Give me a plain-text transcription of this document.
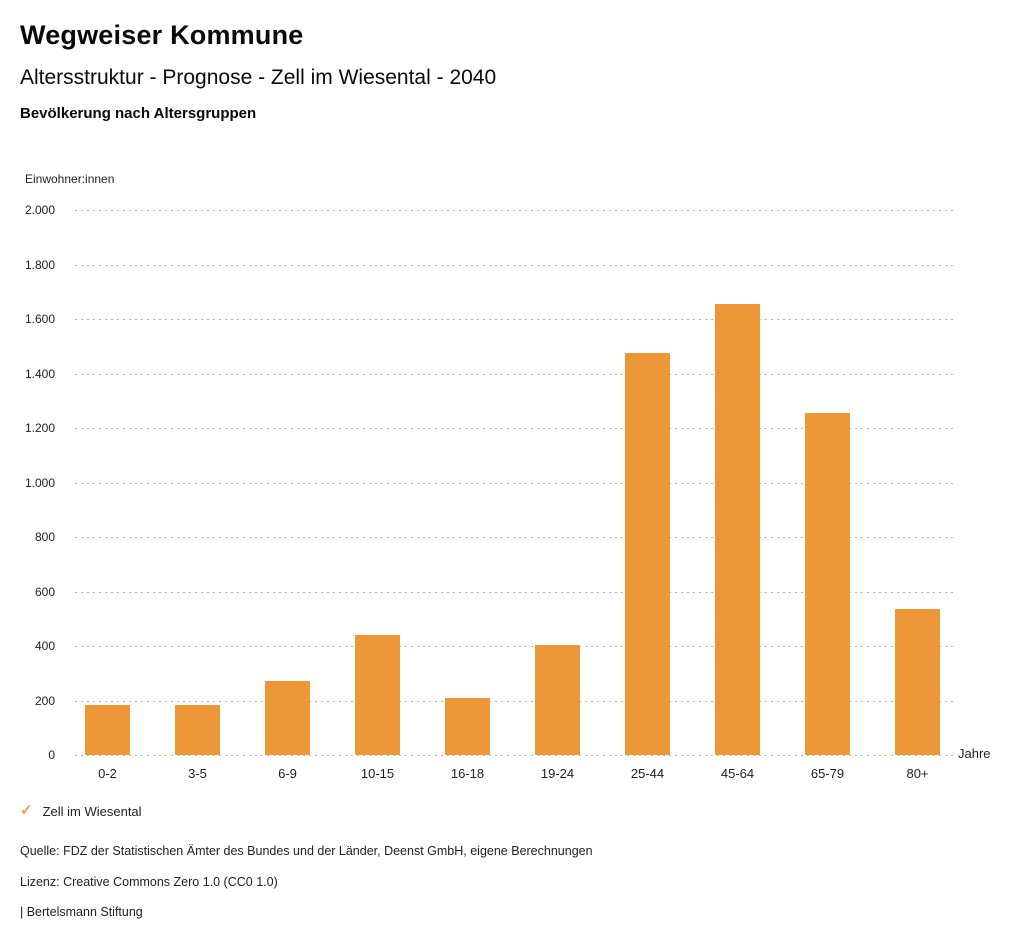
Wegweiser Kommune
Altersstruktur - Prognose - Zell im Wiesental - 2040
Bevölkerung nach Altersgruppen
Einwohner:innen
0
200
400
600
800
1.000
1.200
1.400
1.600
1.800
2.000
0-2	3-5	6-9	10-15	16-18	19-24	25-44	45-64	65-79	80+
Jahre
✓ Zell im Wiesental
Quelle: FDZ der Statistischen Ämter des Bundes und der Länder, Deenst GmbH, eigene Berechnungen
Lizenz: Creative Commons Zero 1.0 (CC0 1.0)
| Bertelsmann Stiftung
